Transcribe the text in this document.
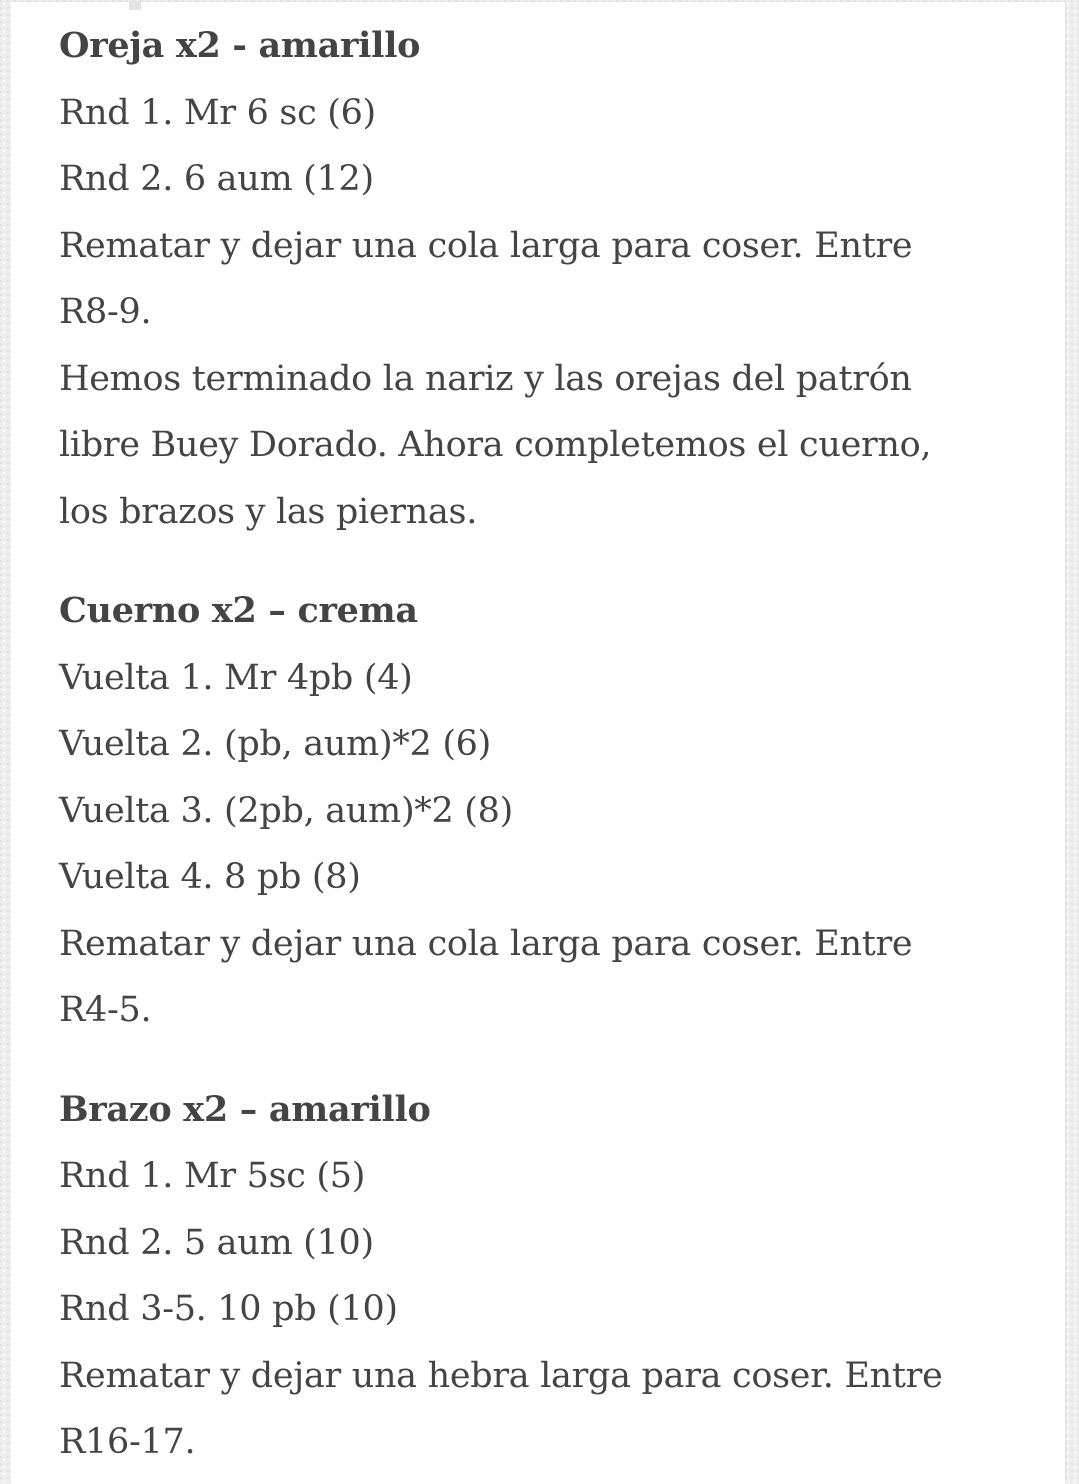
Oreja x2 - amarillo

Rnd 1. Mr 6 sc (6)

Rnd 2. 6 aum (12)

Rematar y dejar una cola larga para coser. Entre

R8-9.

Hemos terminado la nariz y las orejas del patrón

libre Buey Dorado. Ahora completemos el cuerno,

los brazos y las piernas.

Cuerno x2 – crema

Vuelta 1. Mr 4pb (4)

Vuelta 2. (pb, aum)*2 (6)

Vuelta 3. (2pb, aum)*2 (8)

Vuelta 4. 8 pb (8)

Rematar y dejar una cola larga para coser. Entre

R4-5.

Brazo x2 – amarillo

Rnd 1. Mr 5sc (5)

Rnd 2. 5 aum (10)

Rnd 3-5. 10 pb (10)

Rematar y dejar una hebra larga para coser. Entre

R16-17.
